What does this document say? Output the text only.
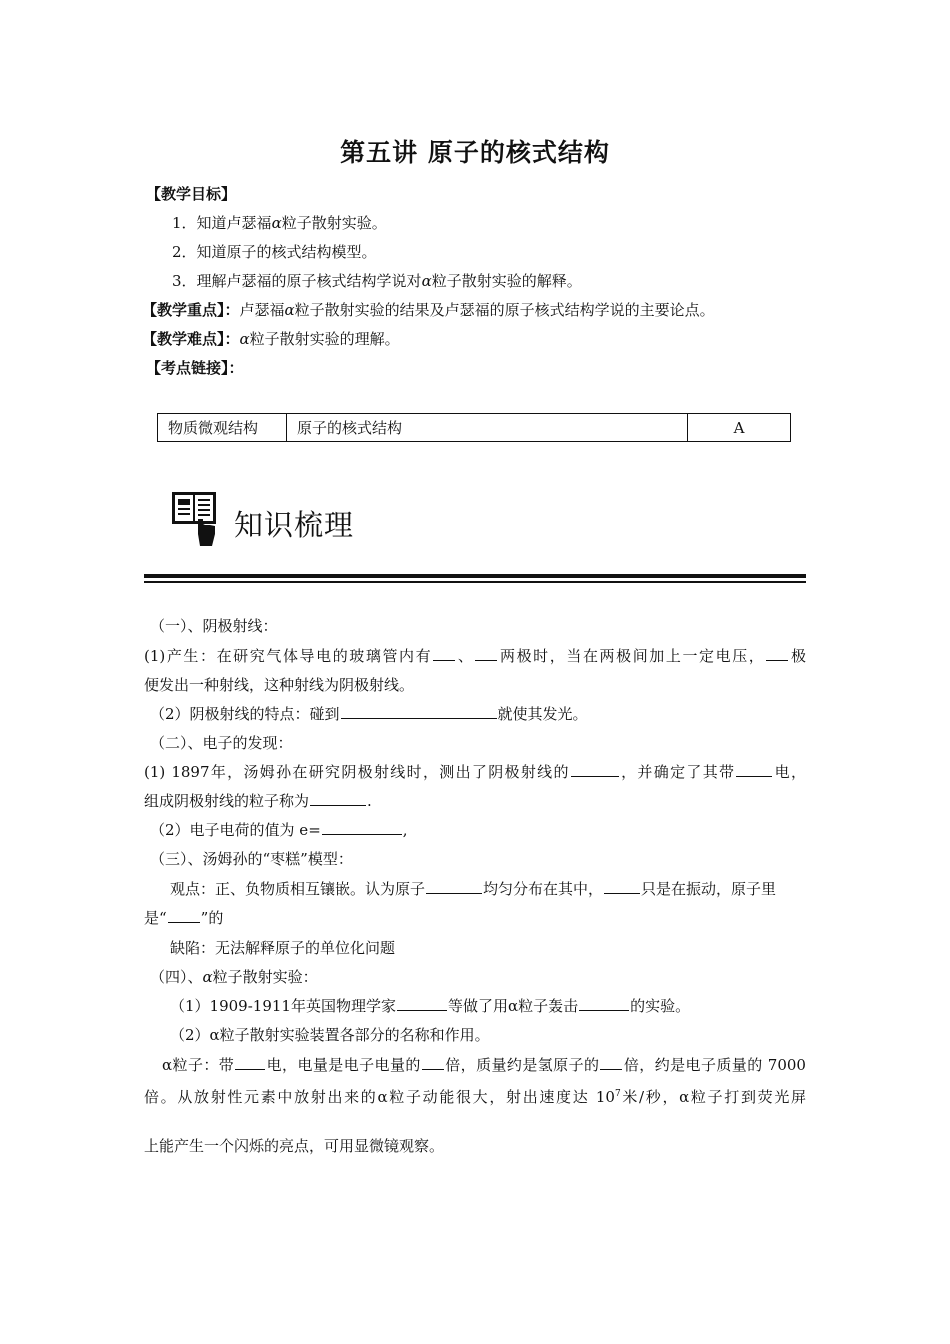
第五讲 原子的核式结构
【教学目标】
1．知道卢瑟福α粒子散射实验。
2．知道原子的核式结构模型。
3．理解卢瑟福的原子核式结构学说对α粒子散射实验的解释。
【教学重点】：卢瑟福α粒子散射实验的结果及卢瑟福的原子核式结构学说的主要论点。
【教学难点】：α粒子散射实验的理解。
【考点链接】：
物质微观结构	原子的核式结构	A
知识梳理
（一）、阴极射线：
(1)产生：在研究气体导电的玻璃管内有 、 两极时，当在两极间加上一定电压， 极
便发出一种射线，这种射线为阴极射线。
（2）阴极射线的特点：碰到	就使其发光。
（二）、电子的发现：
(1) 1897年，汤姆孙在研究阴极射线时，测出了阴极射线的	，并确定了其带	电，
组成阴极射线的粒子称为	.
（2）电子电荷的值为 e=	,
（三）、汤姆孙的“枣糕”模型：
观点：正、负物质相互镶嵌。认为原子	均匀分布在其中，	只是在振动，原子里
是“ ”的
缺陷：无法解释原子的单位化问题
（四）、α粒子散射实验：
（1）1909-1911年英国物理学家	等做了用α粒子轰击	的实验。
（2）α粒子散射实验装置各部分的名称和作用。
α粒子：带 电，电量是电子电量的 倍，质量约是氢原子的 倍，约是电子质量的 7000
倍。从放射性元素中放射出来的α粒子动能很大，射出速度达 $10^7$米/秒，α粒子打到荧光屏
上能产生一个闪烁的亮点，可用显微镜观察。
